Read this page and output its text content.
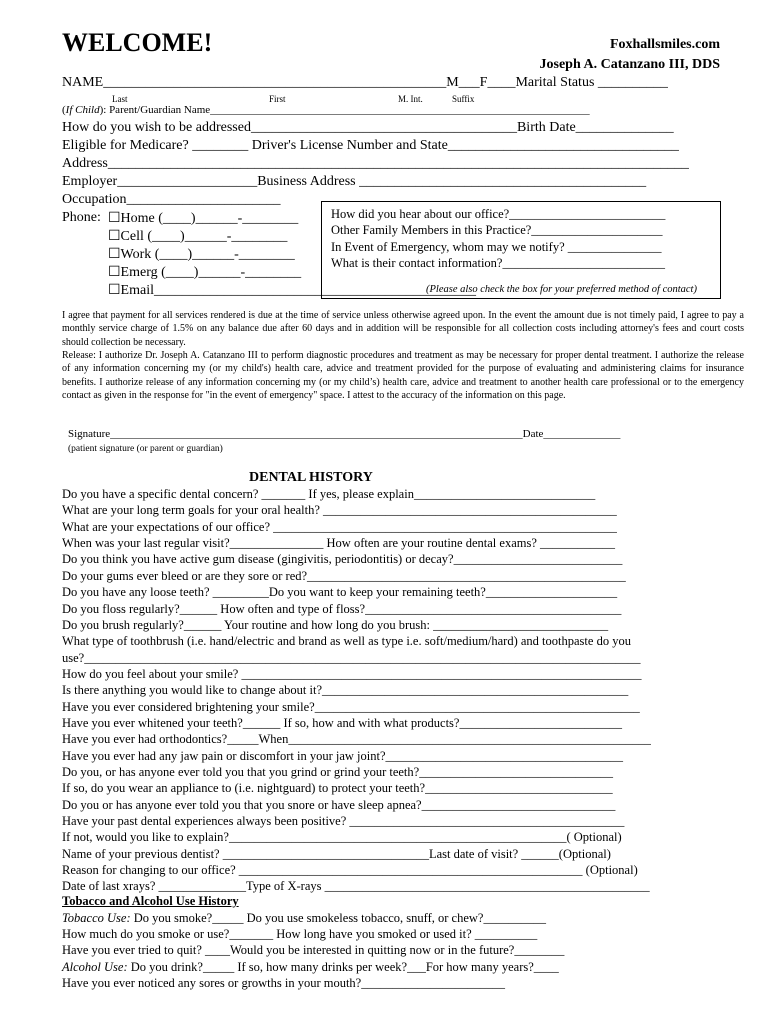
WELCOME!	Foxhallsmiles.com
Joseph A. Catanzano III, DDS
NAME_________________________________________________M___F____Marital Status __________
Last	First	M. Int.	Suffix
(If Child): Parent/Guardian Name_____________________________________________________________________
How do you wish to be addressed______________________________________Birth Date______________
Eligible for Medicare? ________ Driver's License Number and State_________________________________
Address___________________________________________________________________________________
Employer____________________Business Address _________________________________________
Occupation______________________
Phone: ☐Home (____)______-________
☐Cell (____)______-________
☐Work (____)______-________
☐Emerg (____)______-________
☐Email______________________________________________
(Please also check the box for your preferred method of contact)
How did you hear about our office?_________________________
Other Family Members in this Practice?_____________________
In Event of Emergency, whom may we notify? _______________
What is their contact information?__________________________
I agree that payment for all services rendered is due at the time of service unless otherwise agreed upon. In the event the amount due is not timely paid, I agree to pay a monthly service charge of 1.5% on any balance due after 60 days and in addition will be responsible for all collection costs including attorney's fees and court costs should collection be necessary.
Release: I authorize Dr. Joseph A. Catanzano III to perform diagnostic procedures and treatment as may be necessary for proper dental treatment. I authorize the release of any information concerning my (or my child's) health care, advice and treatment provided for the purpose of evaluating and administering claims for insurance benefits. I authorize release of any information concerning my (or my child’s) health care, advice and treatment to another health care professional or to the emergency contact as given in the response for "in the event of emergency" space. I attest to the accuracy of the information on this page.
Signature___________________________________________________________________________Date______________
(patient signature (or parent or guardian)
DENTAL HISTORY
Do you have a specific dental concern? _______ If yes, please explain_____________________________
What are your long term goals for your oral health? _______________________________________________
What are your expectations of our office? _______________________________________________________
When was your last regular visit?_______________ How often are your routine dental exams? ____________
Do you think you have active gum disease (gingivitis, periodontitis) or decay?___________________________
Do your gums ever bleed or are they sore or red?___________________________________________________
Do you have any loose teeth? _________Do you want to keep your remaining teeth?_____________________
Do you floss regularly?______ How often and type of floss?_________________________________________
Do you brush regularly?______ Your routine and how long do you brush: ____________________________
What type of toothbrush (i.e. hand/electric and brand as well as type i.e. soft/medium/hard) and toothpaste do you
use?_________________________________________________________________________________________
How do you feel about your smile? ________________________________________________________________
Is there anything you would like to change about it?_________________________________________________
Have you ever considered brightening your smile?____________________________________________________
Have you ever whitened your teeth?______ If so, how and with what products?__________________________
Have you ever had orthodontics?_____When__________________________________________________________
Have you ever had any jaw pain or discomfort in your jaw joint?______________________________________
Do you, or has anyone ever told you that you grind or grind your teeth?_______________________________
If so, do you wear an appliance to (i.e. nightguard) to protect your teeth?______________________________
Do you or has anyone ever told you that you snore or have sleep apnea?_______________________________
Have your past dental experiences always been positive? ____________________________________________
If not, would you like to explain?______________________________________________________( Optional)
Name of your previous dentist? _________________________________Last date of visit? ______(Optional)
Reason for changing to our office? _______________________________________________________ (Optional)
Date of last xrays? ______________Type of X-rays ____________________________________________________
Tobacco and Alcohol Use History
Tobacco Use: Do you smoke?_____ Do you use smokeless tobacco, snuff, or chew?__________
How much do you smoke or use?_______ How long have you smoked or used it? __________
Have you ever tried to quit? ____Would you be interested in quitting now or in the future?________
Alcohol Use: Do you drink?_____ If so, how many drinks per week?___For how many years?____
Have you ever noticed any sores or growths in your mouth?_______________________
